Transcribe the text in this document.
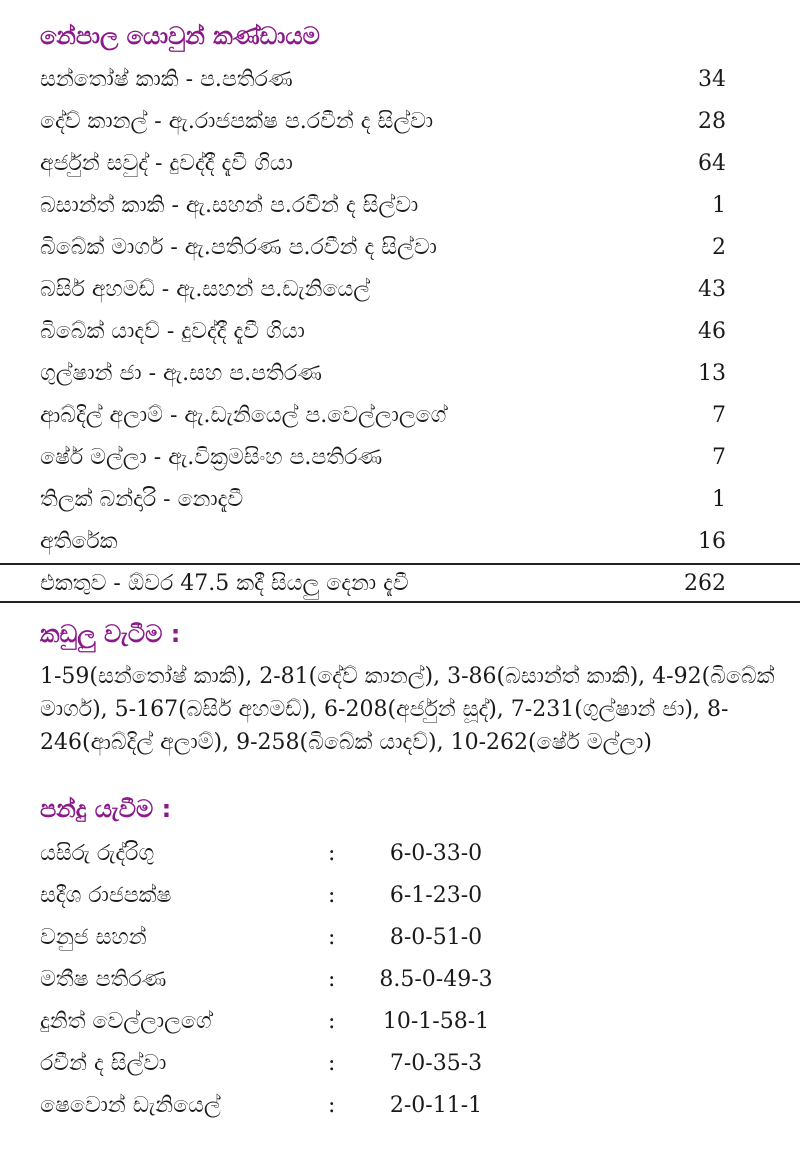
නේපාල යොවුන් කණ්ඩායම
සන්තෝෂ් කාකි - ප.පතිරණ	34
දේව් කානල් - ඇ.රාජපක්ෂ ප.රවීන් ද සිල්වා	28
අර්ජුන් සවුද් - දුවද්දී දැවී ගියා	64
බසාන්ත් කාකි - ඇ.සහන් ප.රවීන් ද සිල්වා	1
බිබේක් මාගර් - ඇ.පතිරණ ප.රවීන් ද සිල්වා	2
බසිර් අහමඩ් - ඇ.සහන් ප.ඩැනියෙල්	43
බිබේක් යාදව් - දුවද්දී දැවී ගියා	46
ගුල්ෂාන් ජා - ඇ.සහ ප.පතිරණ	13
ආබ්දිල් අලාම් - ඇ.ඩැනියෙල් ප.වෙල්ලාලගේ	7
ෂේර් මල්ලා - ඇ.වික්‍රමසිංහ ප.පතිරණ	7
තිලක් බන්දාරි - නොදැවී	1
අතිරේක	16
එකතුව - ඕවර 47.5 කදී සියලු දෙනා දැවී	262
කඩුලු වැටීම :
1-59(සන්තෝෂ් කාකි), 2-81(දේව් කානල්), 3-86(බසාන්ත් කාකි), 4-92(බිබේක් මාගර්), 5-167(බසිර් අහමඩ්), 6-208(අර්ජුන් සූද්), 7-231(ගුල්ෂාන් ජා), 8-246(ආබ්දිල් අලාම්), 9-258(බිබේක් යාදව්), 10-262(ෂේර් මල්ලා)
පන්දු යැවීම :
යසිරු රුද්රිගු	:	6-0-33-0
සදීශ රාජපක්ෂ	:	6-1-23-0
වනුජ සහන්	:	8-0-51-0
මතීෂ පතිරණ	:	8.5-0-49-3
දුනිත් වෙල්ලාලගේ	:	10-1-58-1
රවීන් ද සිල්වා	:	7-0-35-3
ෂෙවොන් ඩැනියෙල්	:	2-0-11-1
